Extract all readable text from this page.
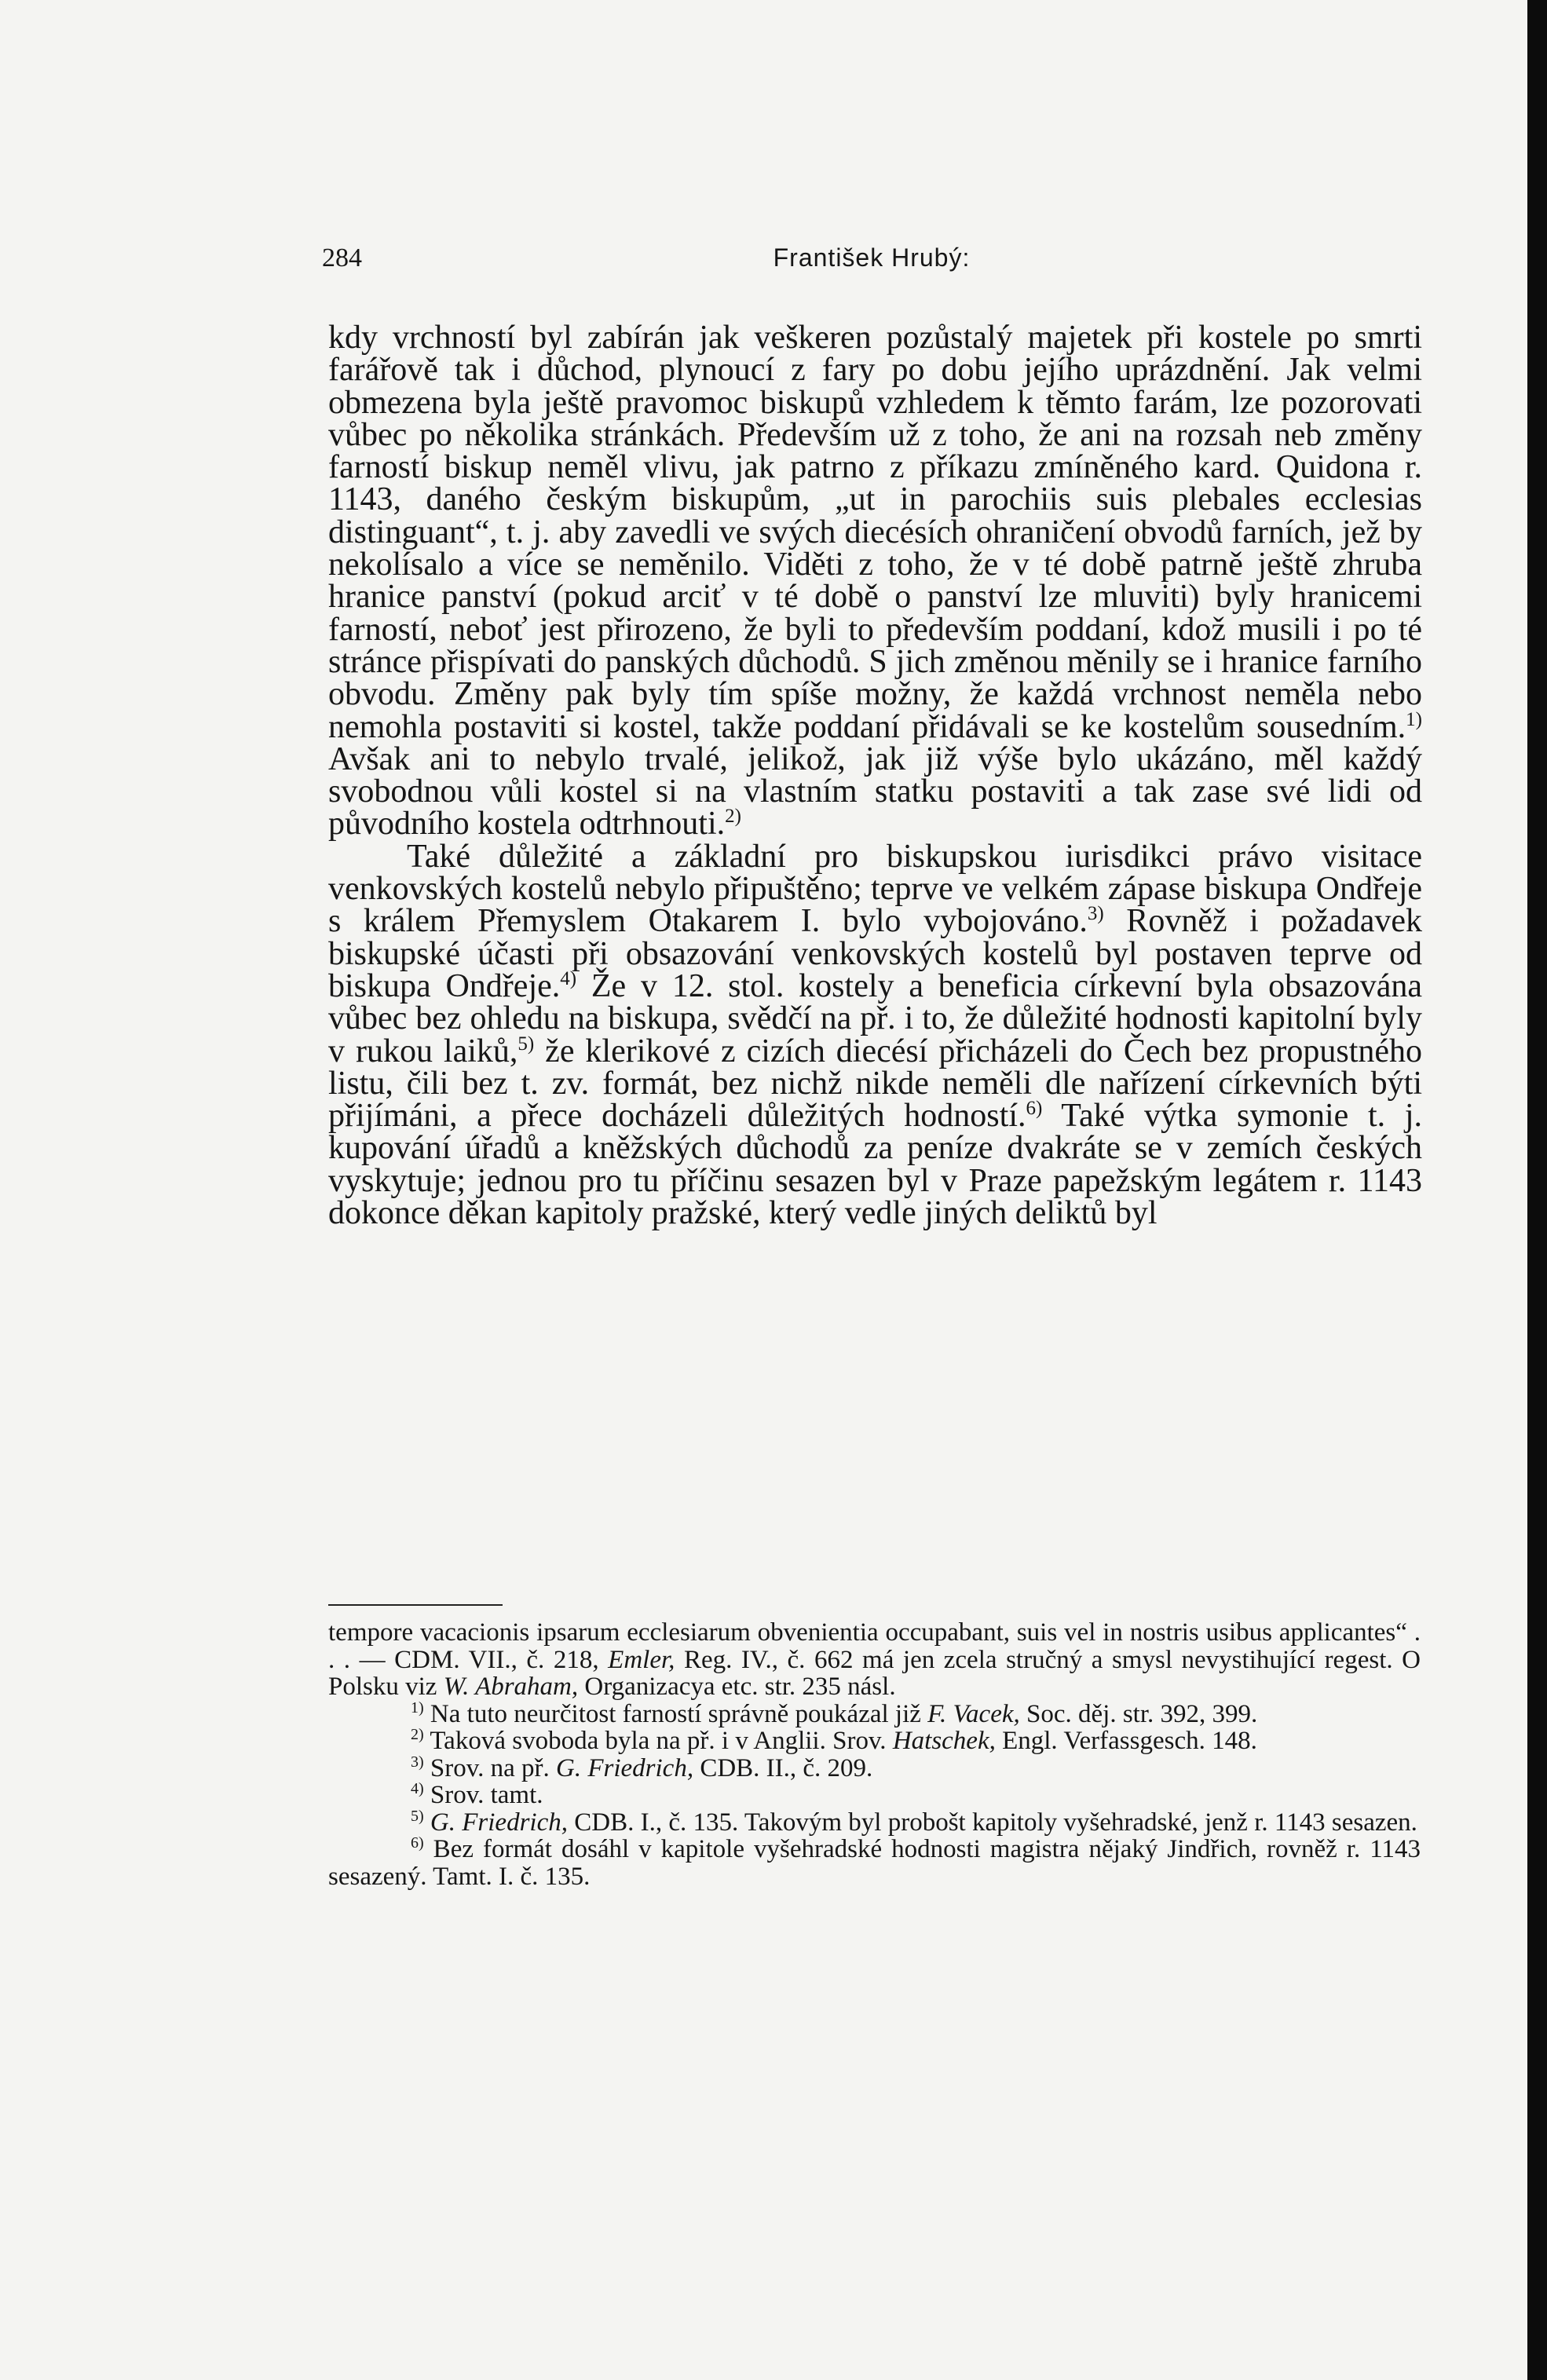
284	František Hrubý:

kdy vrchností byl zabírán jak veškeren pozůstalý majetek při kostele po smrti farářově tak i důchod, plynoucí z fary po dobu jejího uprázdnění. Jak velmi obmezena byla ještě pravomoc biskupů vzhledem k těmto farám, lze pozorovati vůbec po několika stránkách. Především už z toho, že ani na rozsah neb změny farností biskup neměl vlivu, jak patrno z příkazu zmíněného kard. Quidona r. 1143, daného českým biskupům, „ut in parochiis suis plebales ecclesias distinguant“, t. j. aby zavedli ve svých diecésích ohraničení obvodů farních, jež by nekolísalo a více se neměnilo. Viděti z toho, že v té době patrně ještě zhruba hranice panství (pokud arciť v té době o panství lze mluviti) byly hranicemi farností, neboť jest přirozeno, že byli to především poddaní, kdož musili i po té stránce přispívati do panských důchodů. S jich změnou měnily se i hranice farního obvodu. Změny pak byly tím spíše možny, že každá vrchnost neměla nebo nemohla postaviti si kostel, takže poddaní přidávali se ke kostelům sousedním.$^{1)}$ Avšak ani to nebylo trvalé, jelikož, jak již výše bylo ukázáno, měl každý svobodnou vůli kostel si na vlastním statku postaviti a tak zase své lidi od původního kostela odtrhnouti.$^{2)}$

Také důležité a základní pro biskupskou iurisdikci právo visitace venkovských kostelů nebylo připuštěno; teprve ve velkém zápase biskupa Ondřeje s králem Přemyslem Otakarem I. bylo vybojováno.$^{3)}$ Rovněž i požadavek biskupské účasti při obsazování venkovských kostelů byl postaven teprve od biskupa Ondřeje.$^{4)}$ Že v 12. stol. kostely a beneficia církevní byla obsazována vůbec bez ohledu na biskupa, svědčí na př. i to, že důležité hodnosti kapitolní byly v rukou laiků,$^{5)}$ že klerikové z cizích diecésí přicházeli do Čech bez propustného listu, čili bez t. zv. formát, bez nichž nikde neměli dle nařízení církevních býti přijímáni, a přece docházeli důležitých hodností.$^{6)}$ Také výtka symonie t. j. kupování úřadů a kněžských důchodů za peníze dvakráte se v zemích českých vyskytuje; jednou pro tu příčinu sesazen byl v Praze papežským legátem r. 1143 dokonce děkan kapitoly pražské, který vedle jiných deliktů byl

tempore vacacionis ipsarum ecclesiarum obvenientia occupabant, suis vel in nostris usibus applicantes“ . . . — CDM. VII., č. 218, Emler, Reg. IV., č. 662 má jen zcela stručný a smysl nevystihující regest. O Polsku viz W. Abraham, Organizacya etc. str. 235 násl.

$^{1)}$ Na tuto neurčitost farností správně poukázal již F. Vacek, Soc. děj. str. 392, 399.

$^{2)}$ Taková svoboda byla na př. i v Anglii. Srov. Hatschek, Engl. Verfassgesch. 148.

$^{3)}$ Srov. na př. G. Friedrich, CDB. II., č. 209.

$^{4)}$ Srov. tamt.

$^{5)}$ G. Friedrich, CDB. I., č. 135. Takovým byl probošt kapitoly vyšehradské, jenž r. 1143 sesazen.

$^{6)}$ Bez formát dosáhl v kapitole vyšehradské hodnosti magistra nějaký Jindřich, rovněž r. 1143 sesazený. Tamt. I. č. 135.
